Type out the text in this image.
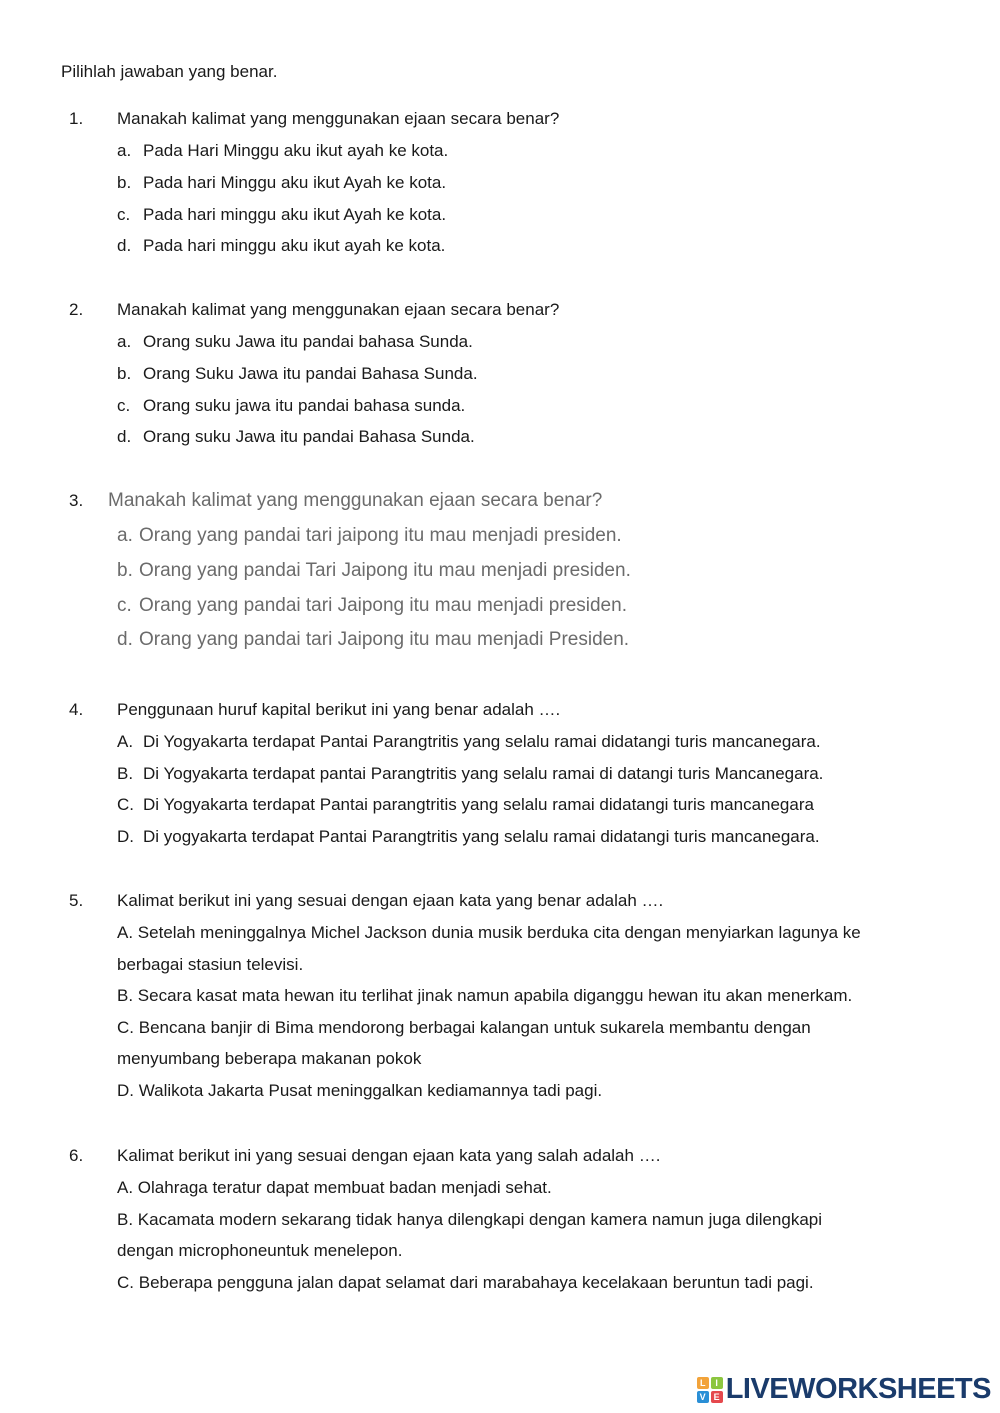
Pilihlah jawaban yang benar.
1. Manakah kalimat yang menggunakan ejaan secara benar?
a. Pada Hari Minggu aku ikut ayah ke kota.
b. Pada hari Minggu aku ikut Ayah ke kota.
c. Pada hari minggu aku ikut Ayah ke kota.
d. Pada hari minggu aku ikut ayah ke kota.
2. Manakah kalimat yang menggunakan ejaan secara benar?
a. Orang suku Jawa itu pandai bahasa Sunda.
b. Orang Suku Jawa itu pandai Bahasa Sunda.
c. Orang suku jawa itu pandai bahasa sunda.
d. Orang suku Jawa itu pandai Bahasa Sunda.
3. Manakah kalimat yang menggunakan ejaan secara benar?
a. Orang yang pandai tari jaipong itu mau menjadi presiden.
b. Orang yang pandai Tari Jaipong itu mau menjadi presiden.
c. Orang yang pandai tari Jaipong itu mau menjadi presiden.
d. Orang yang pandai tari Jaipong itu mau menjadi Presiden.
4. Penggunaan huruf kapital berikut ini yang benar adalah ….
A. Di Yogyakarta terdapat Pantai Parangtritis yang selalu ramai didatangi turis mancanegara.
B. Di Yogyakarta terdapat pantai Parangtritis yang selalu ramai di datangi turis Mancanegara.
C. Di Yogyakarta terdapat Pantai parangtritis yang selalu ramai didatangi turis mancanegara
D. Di yogyakarta terdapat Pantai Parangtritis yang selalu ramai didatangi turis mancanegara.
5. Kalimat berikut ini yang sesuai dengan ejaan kata yang benar adalah ….
A. Setelah meninggalnya Michel Jackson dunia musik berduka cita dengan menyiarkan lagunya ke
berbagai stasiun televisi.
B. Secara kasat mata hewan itu terlihat jinak namun apabila diganggu hewan itu akan menerkam.
C. Bencana banjir di Bima mendorong berbagai kalangan untuk sukarela membantu dengan
menyumbang beberapa makanan pokok
D. Walikota Jakarta Pusat meninggalkan kediamannya tadi pagi.
6. Kalimat berikut ini yang sesuai dengan ejaan kata yang salah adalah ….
A. Olahraga teratur dapat membuat badan menjadi sehat.
B. Kacamata modern sekarang tidak hanya dilengkapi dengan kamera namun juga dilengkapi
dengan microphoneuntuk menelepon.
C. Beberapa pengguna jalan dapat selamat dari marabahaya kecelakaan beruntun tadi pagi.
L	I
V E LIVEWORKSHEETS
